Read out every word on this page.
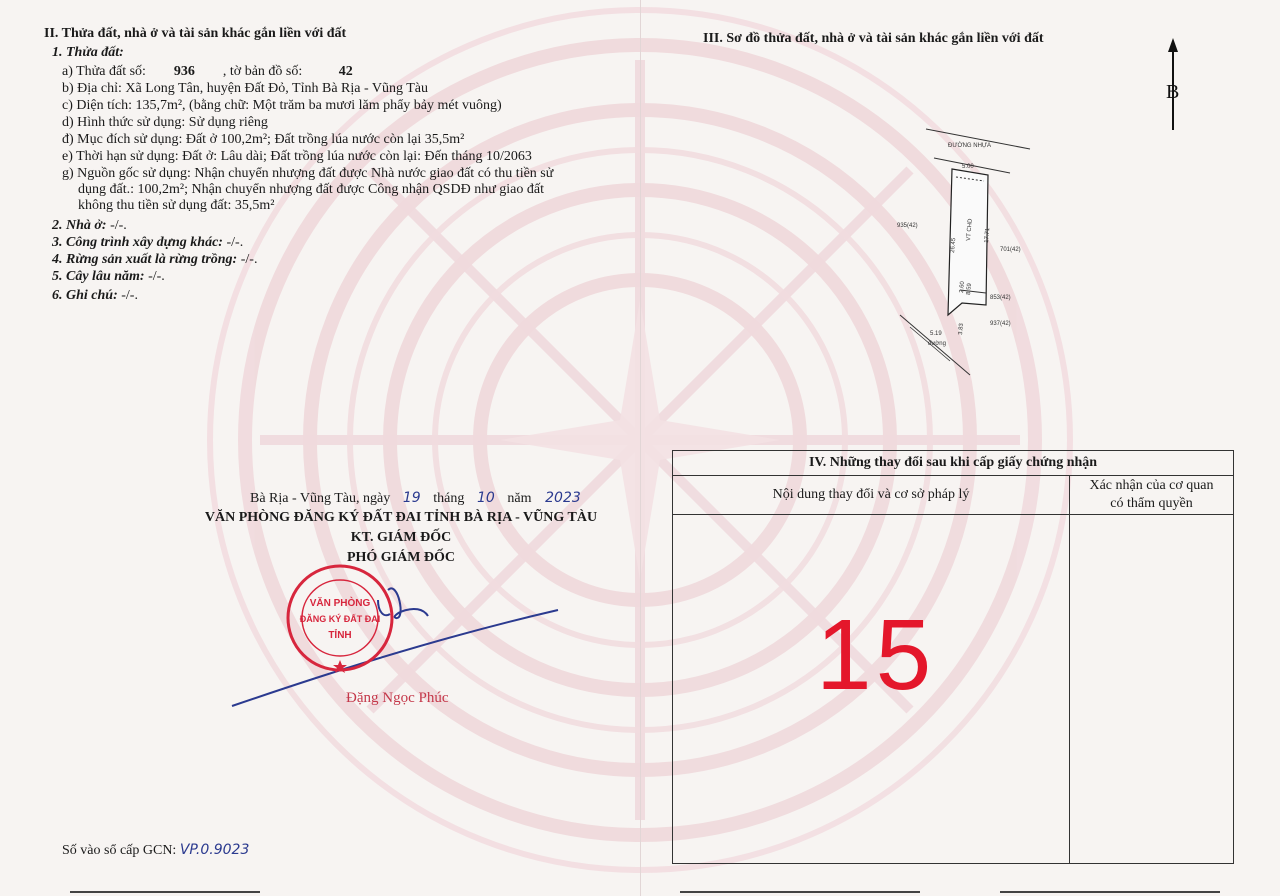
II. Thửa đất, nhà ở và tài sản khác gắn liền với đất
1. Thửa đất:
a) Thửa đất số: 936 , tờ bản đồ số:	42
b) Địa chỉ: Xã Long Tân, huyện Đất Đỏ, Tỉnh Bà Rịa - Vũng Tàu
c) Diện tích: 135,7m², (bằng chữ: Một trăm ba mươi lăm phẩy bảy mét vuông)
d) Hình thức sử dụng: Sử dụng riêng
đ) Mục đích sử dụng: Đất ở 100,2m²; Đất trồng lúa nước còn lại 35,5m²
e) Thời hạn sử dụng: Đất ở: Lâu dài; Đất trồng lúa nước còn lại: Đến tháng 10/2063
g) Nguồn gốc sử dụng: Nhận chuyển nhượng đất được Nhà nước giao đất có thu tiền sử
dụng đất.: 100,2m²; Nhận chuyển nhượng đất được Công nhận QSDĐ như giao đất
không thu tiền sử dụng đất: 35,5m²
2. Nhà ở: -/-.
3. Công trình xây dựng khác: -/-.
4. Rừng sản xuất là rừng trồng: -/-.
5. Cây lâu năm: -/-.
6. Ghi chú: -/-.
Bà Rịa - Vũng Tàu, ngày 19 tháng 10 năm 2023
VĂN PHÒNG ĐĂNG KÝ ĐẤT ĐAI TỈNH BÀ RỊA - VŨNG TÀU
KT. GIÁM ĐỐC
PHÓ GIÁM ĐỐC
VĂN PHÒNG
ĐĂNG KÝ ĐẤT ĐAI
TỈNH
Đặng Ngọc Phúc
Số vào sổ cấp GCN: VP.0.9023
III. Sơ đồ thửa đất, nhà ở và tài sản khác gắn liền với đất
B
ĐƯỜNG NHỰA
5.00
935(42)
701(42)
853(42)
937(42)
26.45
17.71
VT CHD
2.60 8.59
3.83
5.19
đường
IV. Những thay đổi sau khi cấp giấy chứng nhận
Nội dung thay đổi và cơ sở pháp lý
Xác nhận của cơ quan
có thẩm quyền
15
